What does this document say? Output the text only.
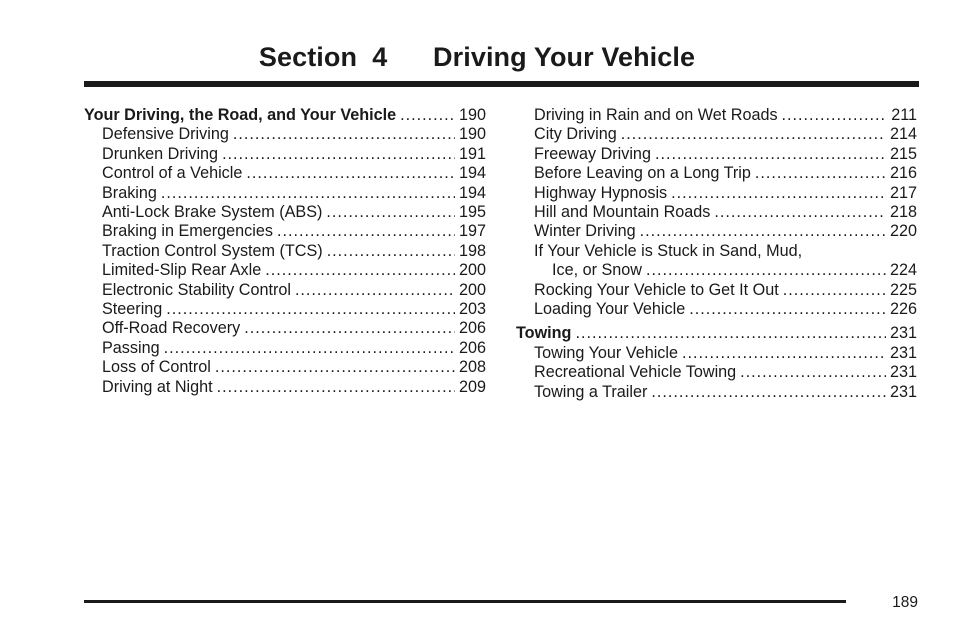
Section  4      Driving Your Vehicle
Your Driving, the Road, and Your Vehicle .....	190
Defensive Driving .....	190
Drunken Driving .....	191
Control of a Vehicle .....	194
Braking .....	194
Anti-Lock Brake System (ABS) .....	195
Braking in Emergencies .....	197
Traction Control System (TCS) .....	198
Limited-Slip Rear Axle .....	200
Electronic Stability Control .....	200
Steering .....	203
Off-Road Recovery .....	206
Passing .....	206
Loss of Control .....	208
Driving at Night .....	209
Driving in Rain and on Wet Roads .....	211
City Driving .....	214
Freeway Driving .....	215
Before Leaving on a Long Trip .....	216
Highway Hypnosis .....	217
Hill and Mountain Roads .....	218
Winter Driving .....	220
If Your Vehicle is Stuck in Sand, Mud,
Ice, or Snow .....	224
Rocking Your Vehicle to Get It Out .....	225
Loading Your Vehicle .....	226
Towing .....	231
Towing Your Vehicle .....	231
Recreational Vehicle Towing .....	231
Towing a Trailer .....	231
189
